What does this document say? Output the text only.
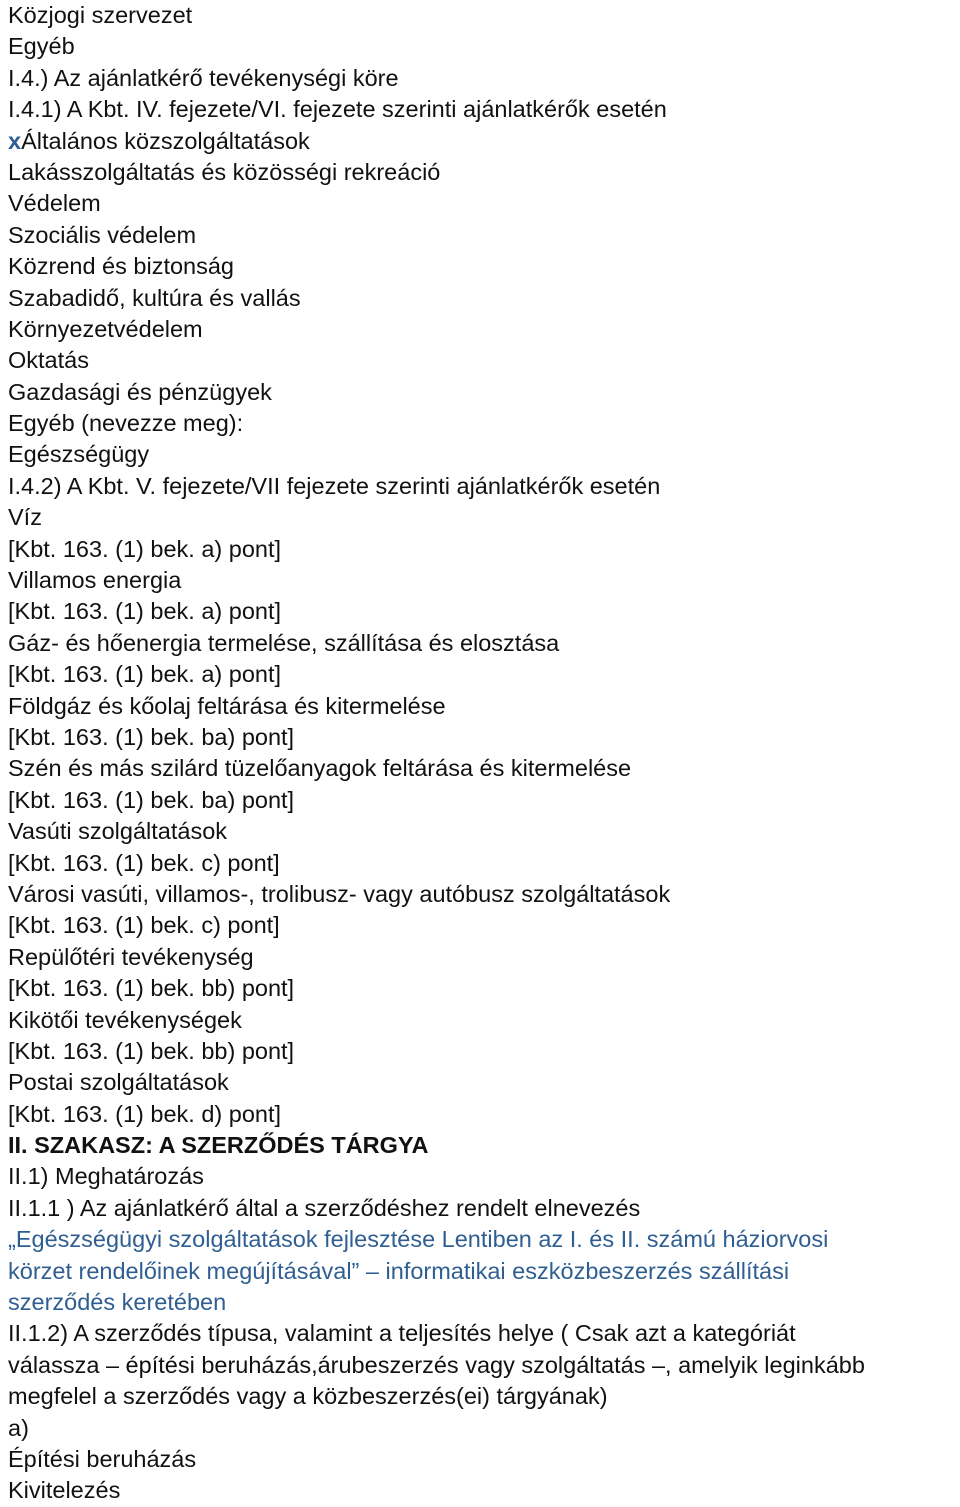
Közjogi szervezet
Egyéb
I.4.) Az ajánlatkérő tevékenységi köre
I.4.1) A Kbt. IV. fejezete/VI. fejezete szerinti ajánlatkérők esetén
xÁltalános közszolgáltatások
Lakásszolgáltatás és közösségi rekreáció
Védelem
Szociális védelem
Közrend és biztonság
Szabadidő, kultúra és vallás
Környezetvédelem
Oktatás
Gazdasági és pénzügyek
Egyéb (nevezze meg):
Egészségügy
I.4.2) A Kbt. V. fejezete/VII fejezete szerinti ajánlatkérők esetén
Víz
[Kbt. 163. (1) bek. a) pont]
Villamos energia
[Kbt. 163. (1) bek. a) pont]
Gáz- és hőenergia termelése, szállítása és elosztása
[Kbt. 163. (1) bek. a) pont]
Földgáz és kőolaj feltárása és kitermelése
[Kbt. 163. (1) bek. ba) pont]
Szén és más szilárd tüzelőanyagok feltárása és kitermelése
[Kbt. 163. (1) bek. ba) pont]
Vasúti szolgáltatások
[Kbt. 163. (1) bek. c) pont]
Városi vasúti, villamos-, trolibusz- vagy autóbusz szolgáltatások
[Kbt. 163. (1) bek. c) pont]
Repülőtéri tevékenység
[Kbt. 163. (1) bek. bb) pont]
Kikötői tevékenységek
[Kbt. 163. (1) bek. bb) pont]
Postai szolgáltatások
[Kbt. 163. (1) bek. d) pont]
II. SZAKASZ: A SZERZŐDÉS TÁRGYA
II.1) Meghatározás
II.1.1 ) Az ajánlatkérő által a szerződéshez rendelt elnevezés
„Egészségügyi szolgáltatások fejlesztése Lentiben az I. és II. számú háziorvosi
körzet rendelőinek megújításával” – informatikai eszközbeszerzés szállítási
szerződés keretében
II.1.2) A szerződés típusa, valamint a teljesítés helye ( Csak azt a kategóriát
válassza – építési beruházás,árubeszerzés vagy szolgáltatás –, amelyik leginkább
megfelel a szerződés vagy a közbeszerzés(ei) tárgyának)
a)
Építési beruházás
Kivitelezés
